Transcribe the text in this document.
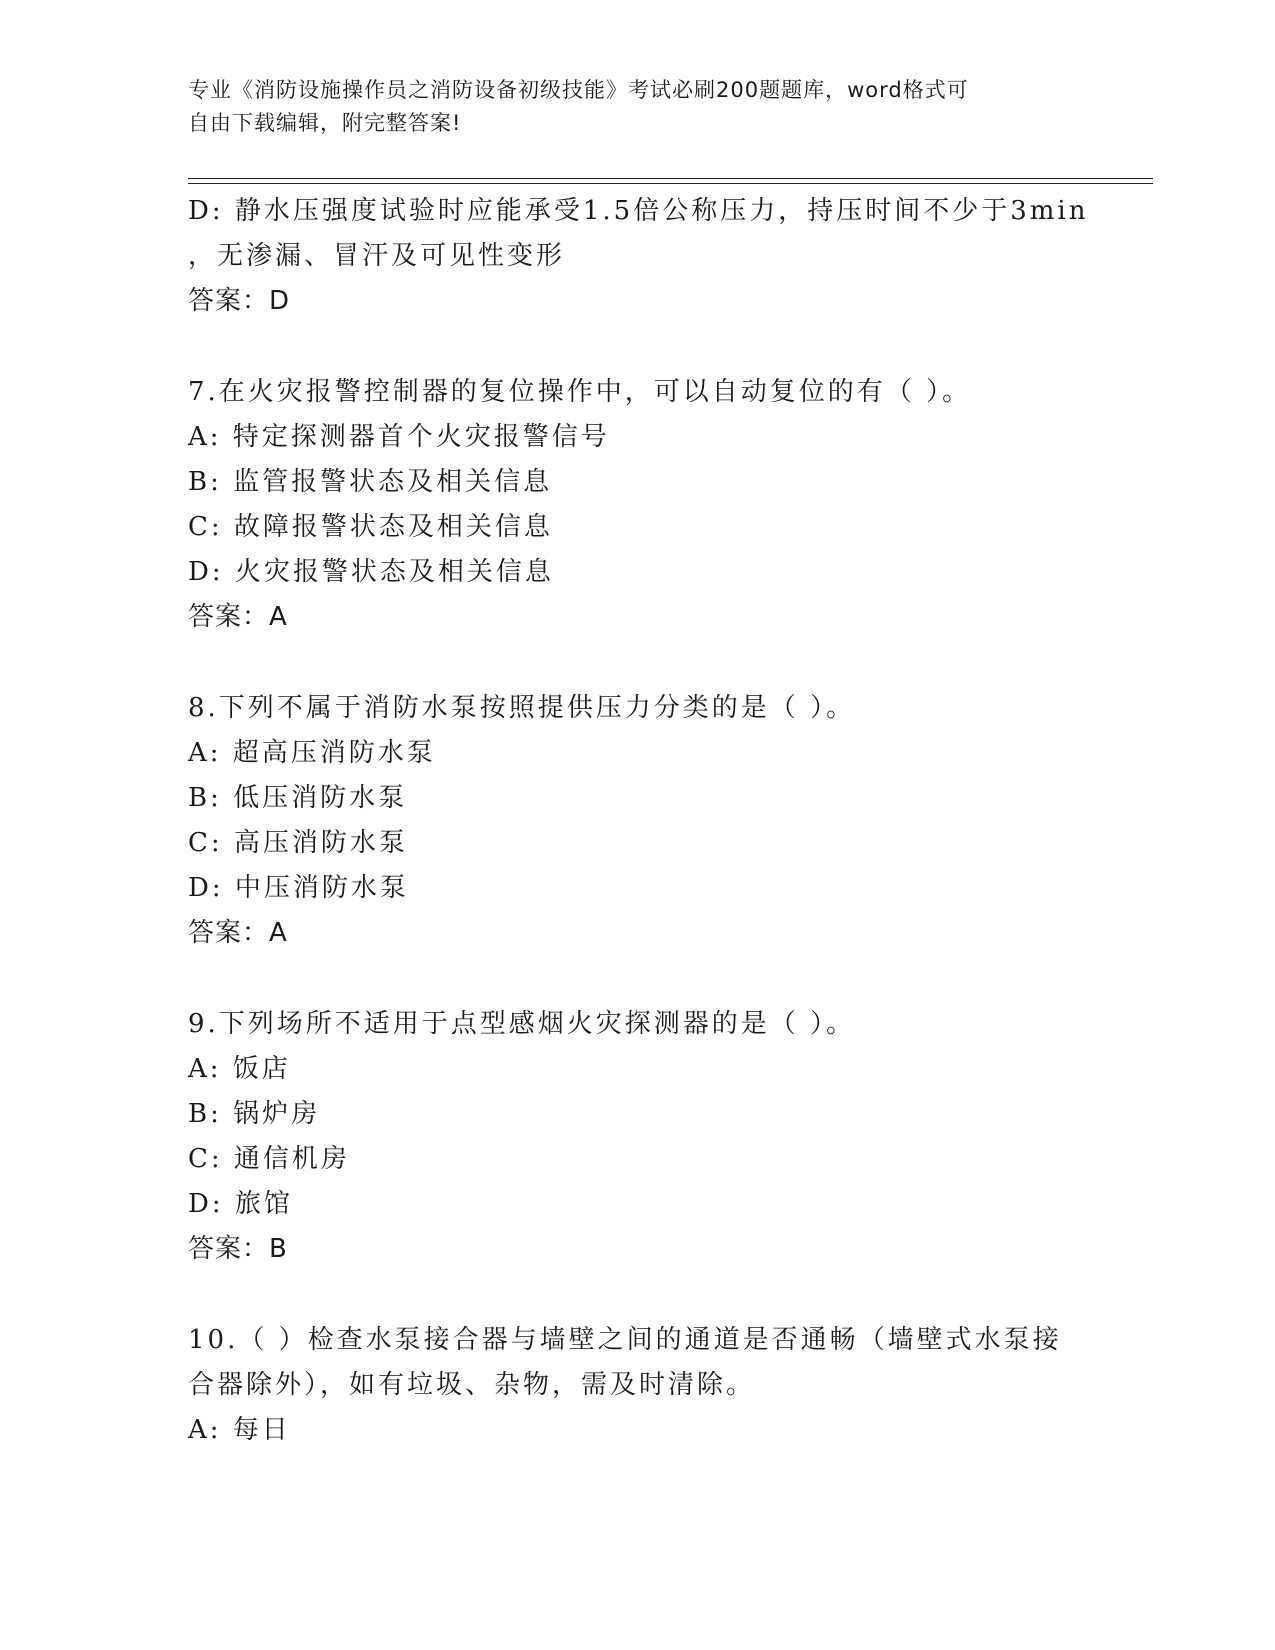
专业《消防设施操作员之消防设备初级技能》考试必刷200题题库，word格式可
自由下载编辑，附完整答案!
D: 静水压强度试验时应能承受1.5倍公称压力，持压时间不少于3min
，无渗漏、冒汗及可见性变形
答案：D
7.在火灾报警控制器的复位操作中，可以自动复位的有（ ）。
A: 特定探测器首个火灾报警信号
B: 监管报警状态及相关信息
C: 故障报警状态及相关信息
D: 火灾报警状态及相关信息
答案：A
8.下列不属于消防水泵按照提供压力分类的是（ ）。
A: 超高压消防水泵
B: 低压消防水泵
C: 高压消防水泵
D: 中压消防水泵
答案：A
9.下列场所不适用于点型感烟火灾探测器的是（ ）。
A: 饭店
B: 锅炉房
C: 通信机房
D: 旅馆
答案：B
10.（ ）检查水泵接合器与墙壁之间的通道是否通畅（墙壁式水泵接
合器除外），如有垃圾、杂物，需及时清除。
A: 每日
